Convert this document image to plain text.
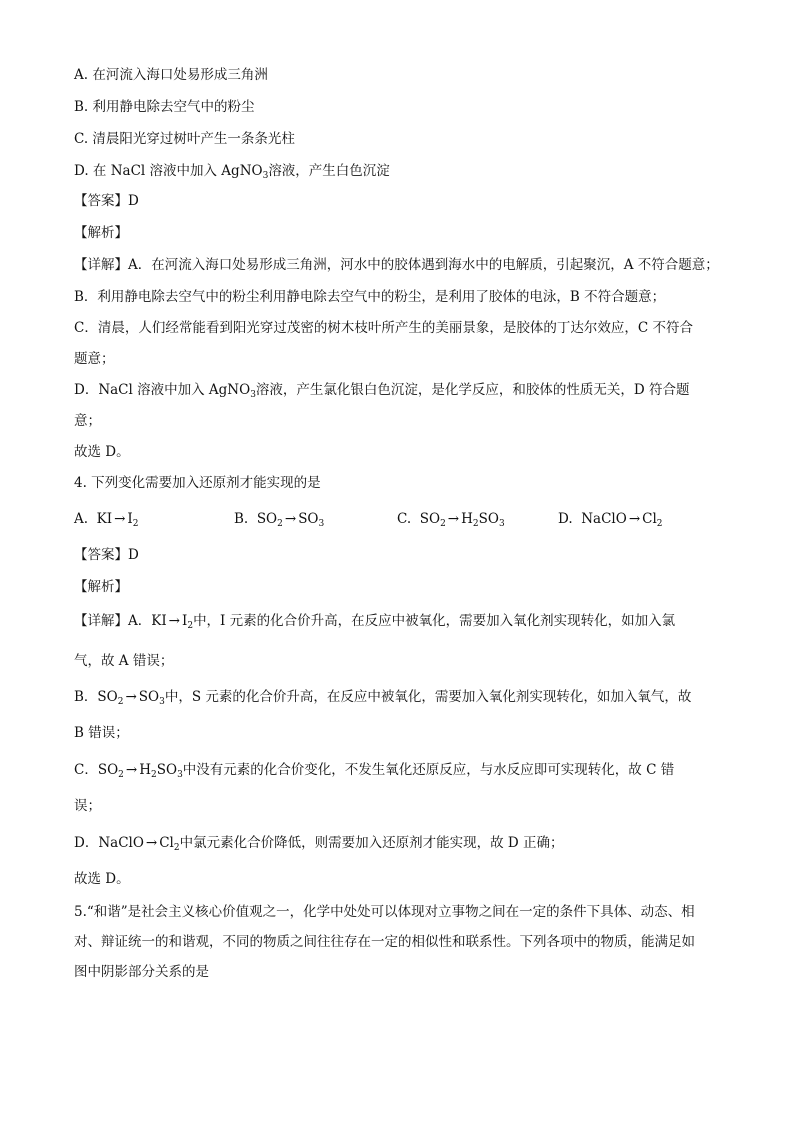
A. 在河流入海口处易形成三角洲
B. 利用静电除去空气中的粉尘
C. 清晨阳光穿过树叶产生一条条光柱
D. 在 NaCl 溶液中加入 AgNO$_3$溶液，产生白色沉淀
【答案】D
【解析】
【详解】A．在河流入海口处易形成三角洲，河水中的胶体遇到海水中的电解质，引起聚沉，A 不符合题意；
B．利用静电除去空气中的粉尘利用静电除去空气中的粉尘，是利用了胶体的电泳，B 不符合题意；
C．清晨，人们经常能看到阳光穿过茂密的树木枝叶所产生的美丽景象，是胶体的丁达尔效应，C 不符合
题意；
D．NaCl 溶液中加入 AgNO$_3$溶液，产生氯化银白色沉淀，是化学反应，和胶体的性质无关，D 符合题
意；
故选 D。
4. 下列变化需要加入还原剂才能实现的是
A. KI → $I_2$	B. $SO_2 \to SO_3$	C. $SO_2 \to H_2SO_3$	D. NaClO → $Cl_2$
【答案】D
【解析】
【详解】A．KI → $I_2$中，I 元素的化合价升高，在反应中被氧化，需要加入氧化剂实现转化，如加入氯
气，故 A 错误；
B．$SO_2 \to SO_3$中，S 元素的化合价升高，在反应中被氧化，需要加入氧化剂实现转化，如加入氧气，故
B 错误；
C．$SO_2 \to H_2SO_3$中没有元素的化合价变化，不发生氧化还原反应，与水反应即可实现转化，故 C 错
误；
D．NaClO → $Cl_2$中氯元素化合价降低，则需要加入还原剂才能实现，故 D 正确；
故选 D。
5.“和谐”是社会主义核心价值观之一，化学中处处可以体现对立事物之间在一定的条件下具体、动态、相
对、辩证统一的和谐观，不同的物质之间往往存在一定的相似性和联系性。下列各项中的物质，能满足如
图中阴影部分关系的是
